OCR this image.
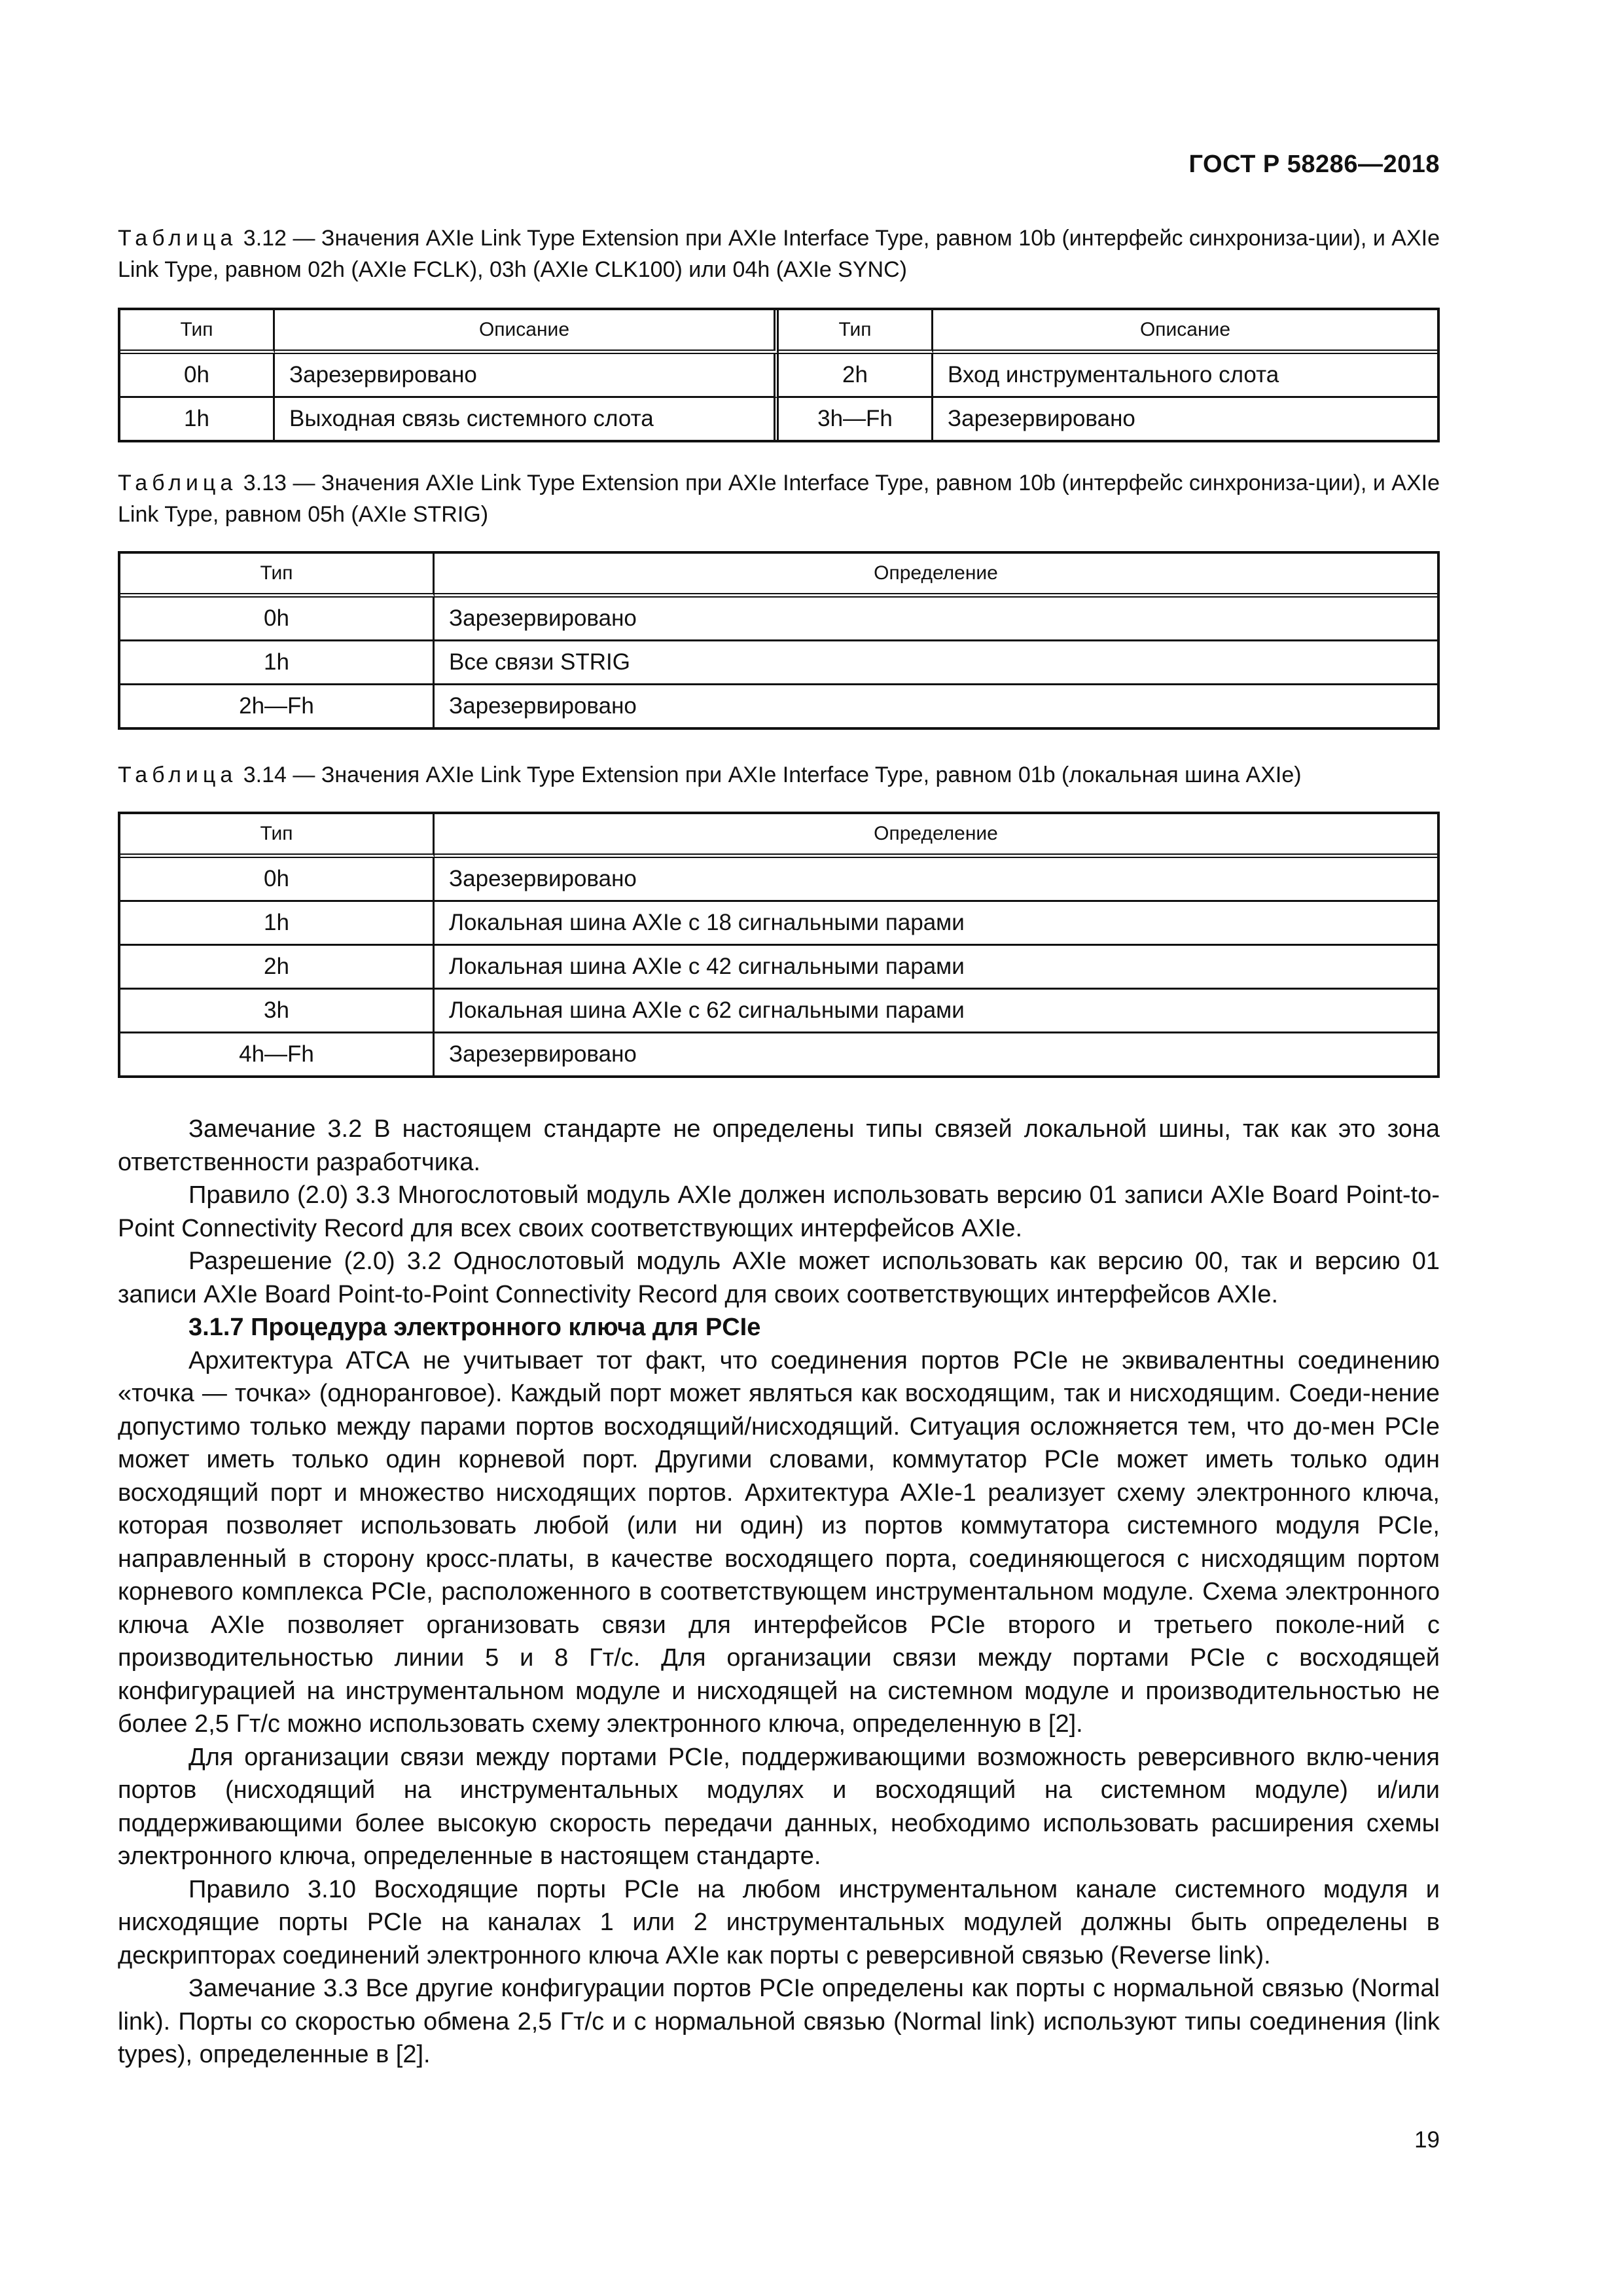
ГОСТ Р 58286—2018

Таблица 3.12 — Значения AXIe Link Type Extension при AXIe Interface Type, равном 10b (интерфейс синхрониза-ции), и AXIe Link Type, равном 02h (AXIe FCLK), 03h (AXIe CLK100) или 04h (AXIe SYNC)

Тип	Описание	Тип	Описание
0h	Зарезервировано	2h	Вход инструментального слота
1h	Выходная связь системного слота	3h—Fh	Зарезервировано

Таблица 3.13 — Значения AXIe Link Type Extension при AXIe Interface Type, равном 10b (интерфейс синхрониза-ции), и AXIe Link Type, равном 05h (AXIe STRIG)

Тип	Определение
0h	Зарезервировано
1h	Все связи STRIG
2h—Fh	Зарезервировано

Таблица 3.14 — Значения AXIe Link Type Extension при AXIe Interface Type, равном 01b (локальная шина AXIe)

Тип	Определение
0h	Зарезервировано
1h	Локальная шина AXIe с 18 сигнальными парами
2h	Локальная шина AXIe с 42 сигнальными парами
3h	Локальная шина AXIe с 62 сигнальными парами
4h—Fh	Зарезервировано

Замечание 3.2 В настоящем стандарте не определены типы связей локальной шины, так как это зона ответственности разработчика.

Правило (2.0) 3.3 Многослотовый модуль AXIe должен использовать версию 01 записи AXIe Board Point-to-Point Connectivity Record для всех своих соответствующих интерфейсов AXIe.

Разрешение (2.0) 3.2 Однослотовый модуль AXIe может использовать как версию 00, так и версию 01 записи AXIe Board Point-to-Point Connectivity Record для своих соответствующих интерфейсов AXIe.

3.1.7 Процедура электронного ключа для PCIe

Архитектура АТСА не учитывает тот факт, что соединения портов PCIe не эквивалентны соединению «точка — точка» (одноранговое). Каждый порт может являться как восходящим, так и нисходящим. Соеди-нение допустимо только между парами портов восходящий/нисходящий. Ситуация осложняется тем, что до-мен PCIe может иметь только один корневой порт. Другими словами, коммутатор PCIe может иметь только один восходящий порт и множество нисходящих портов. Архитектура AXIe-1 реализует схему электронного ключа, которая позволяет использовать любой (или ни один) из портов коммутатора системного модуля PCIe, направленный в сторону кросс-платы, в качестве восходящего порта, соединяющегося с нисходящим портом корневого комплекса PCIe, расположенного в соответствующем инструментальном модуле. Схема электронного ключа AXIe позволяет организовать связи для интерфейсов PCIe второго и третьего поколе-ний с производительностью линии 5 и 8 Гт/с. Для организации связи между портами PCIe с восходящей конфигурацией на инструментальном модуле и нисходящей на системном модуле и производительностью не более 2,5 Гт/с можно использовать схему электронного ключа, определенную в [2].

Для организации связи между портами PCIe, поддерживающими возможность реверсивного вклю-чения портов (нисходящий на инструментальных модулях и восходящий на системном модуле) и/или поддерживающими более высокую скорость передачи данных, необходимо использовать расширения схемы электронного ключа, определенные в настоящем стандарте.

Правило 3.10 Восходящие порты PCIe на любом инструментальном канале системного модуля и нисходящие порты PCIe на каналах 1 или 2 инструментальных модулей должны быть определены в дескрипторах соединений электронного ключа AXIe как порты с реверсивной связью (Reverse link).

Замечание 3.3 Все другие конфигурации портов PCIe определены как порты с нормальной связью (Normal link). Порты со скоростью обмена 2,5 Гт/с и с нормальной связью (Normal link) используют типы соединения (link types), определенные в [2].

19
